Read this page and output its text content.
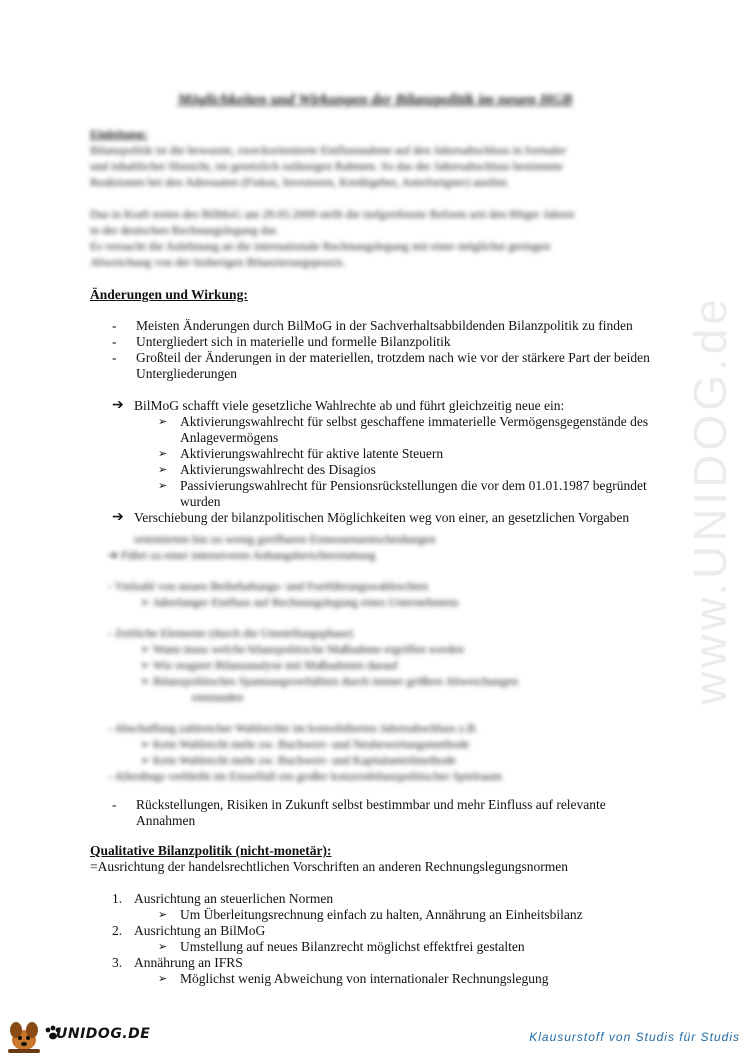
Möglichkeiten und Wirkungen der Bilanzpolitik im neuen HGB
Einleitung:
Bilanzpolitik ist die bewusste, zweckorientierte Einflussnahme auf den Jahresabschluss in formaler
und inhaltlicher Hinsicht, im gesetzlich zulässigen Rahmen. So das der Jahresabschluss bestimmte
Reaktionen bei den Adressaten (Fiskus, Investoren, Kreditgeber, Anteilseigner) auslöst.
Das in Kraft treten des BilMoG am 29.05.2009 stellt die tiefgreifenste Reform seit den 80iger Jahren
in der deutschen Rechnungslegung dar.
Es versucht die Anlehnung an die internationale Rechnungslegung mit einer möglichst geringen
Abweichung von der bisherigen Bilanzierungspraxis.
Änderungen und Wirkung:
- Meisten Änderungen durch BilMoG in der Sachverhaltsabbildenden Bilanzpolitik zu finden
- Untergliedert sich in materielle und formelle Bilanzpolitik
- Großteil der Änderungen in der materiellen, trotzdem nach wie vor der stärkere Part der beiden Untergliederungen
➔ BilMoG schafft viele gesetzliche Wahlrechte ab und führt gleichzeitig neue ein:
➢ Aktivierungswahlrecht für selbst geschaffene immaterielle Vermögensgegenstände des Anlagevermögens
➢ Aktivierungswahlrecht für aktive latente Steuern
➢ Aktivierungswahlrecht des Disagios
➢ Passivierungswahlrecht für Pensionsrückstellungen die vor dem 01.01.1987 begründet wurden
➔ Verschiebung der bilanzpolitischen Möglichkeiten weg von einer, an gesetzlichen Vorgaben
orientierten hin zu wenig greifbaren Ermessensentscheidungen
➔ Führt zu einer intensiveren Anhangsberichterstattung
- Vielzahl von neuen Beibehaltungs- und Fortführungswahlrechten
➢ Jahrelanger Einfluss auf Rechnungslegung eines Unternehmens
- Zeitliche Elemente (durch die Umstellungsphase)
➢ Wann muss welche bilanzpolitische Maßnahme ergriffen werden
➢ Wie reagiert Bilanzanalyse mit Maßnahmen darauf
➢ Bilanzpolitisches Spannungsverhältnis durch immer größere Abweichungen
entstanden
- Abschaffung zahlreicher Wahlrechte im konsolidierten Jahresabschluss z.B.
➢ Kein Wahlrecht mehr zw. Buchwert- und Neubewertungsmethode
➢ Kein Wahlrecht mehr zw. Buchwert- und Kapitalanteilmethode
- Allerdings verbleibt im Einzelfall ein großer konzernbilanzpolitischer Spielraum
- Rückstellungen, Risiken in Zukunft selbst bestimmbar und mehr Einfluss auf relevante Annahmen
Qualitative Bilanzpolitik (nicht-monetär):
=Ausrichtung der handelsrechtlichen Vorschriften an anderen Rechnungslegungsnormen
1. Ausrichtung an steuerlichen Normen
➢ Um Überleitungsrechnung einfach zu halten, Annährung an Einheitsbilanz
2. Ausrichtung an BilMoG
➢ Umstellung auf neues Bilanzrecht möglichst effektfrei gestalten
3. Annährung an IFRS
➢ Möglichst wenig Abweichung von internationaler Rechnungslegung
www.UNIDOG.de
UNIDOG.DE	Klausurstoff von Studis für Studis
